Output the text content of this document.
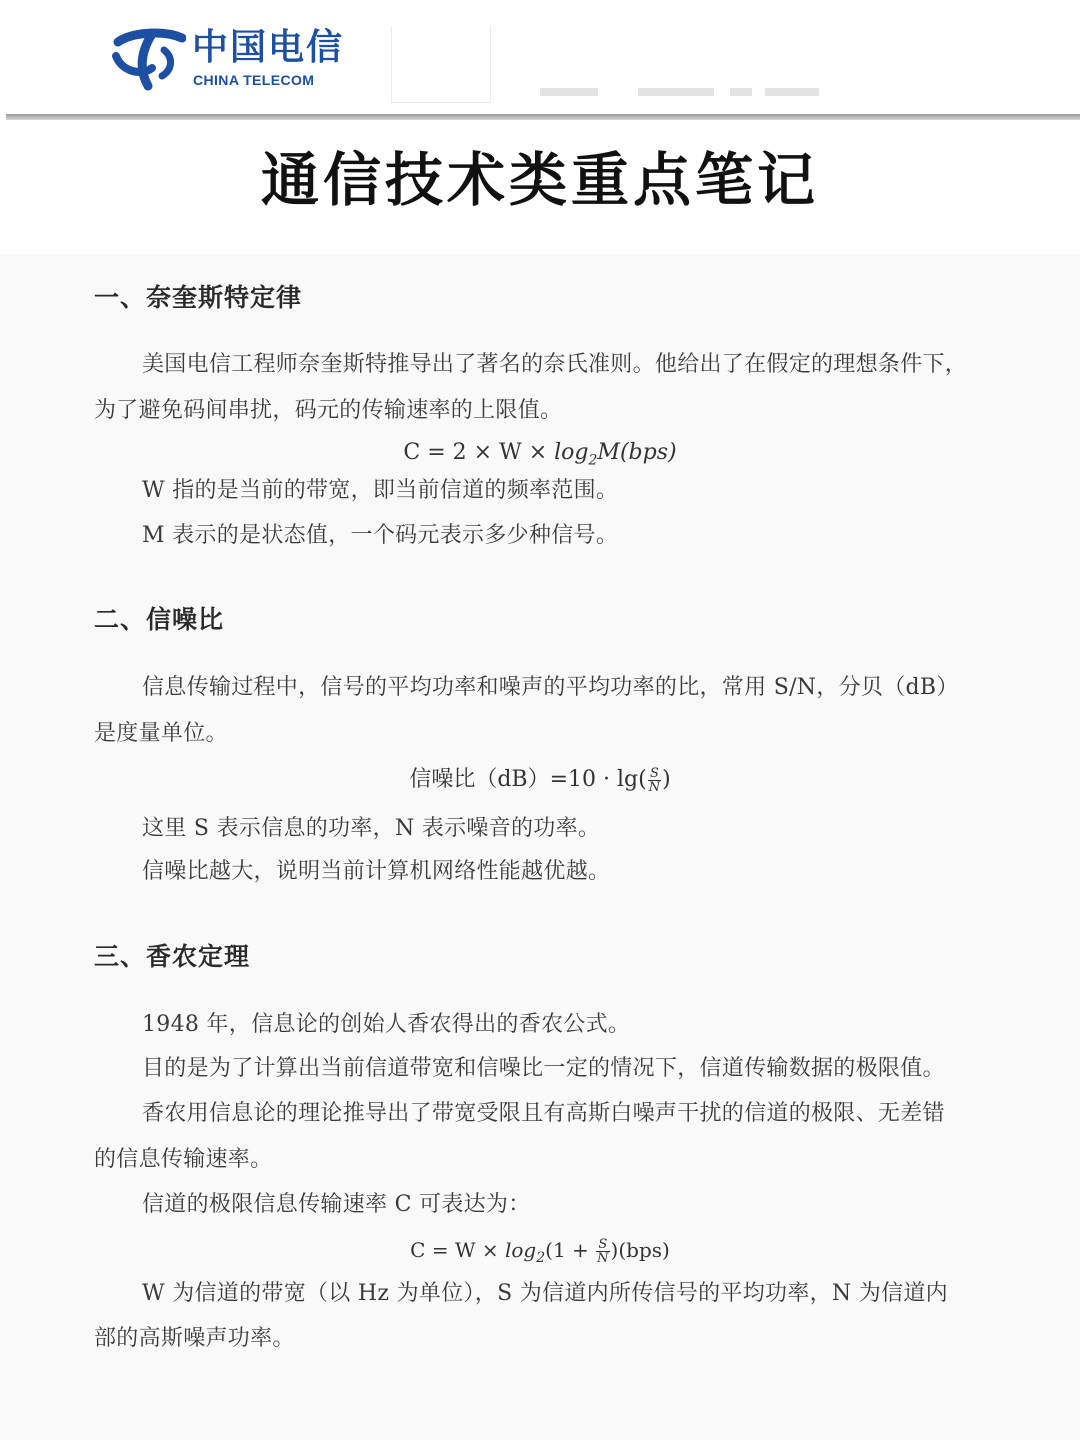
中国电信
CHINA TELECOM
通信技术类重点笔记
一、奈奎斯特定律
美国电信工程师奈奎斯特推导出了著名的奈氏准则。他给出了在假定的理想条件下，
为了避免码间串扰，码元的传输速率的上限值。
$C = 2 \times W \times \log_2M(bps)$
W 指的是当前的带宽，即当前信道的频率范围。
M 表示的是状态值，一个码元表示多少种信号。
二、信噪比
信息传输过程中，信号的平均功率和噪声的平均功率的比，常用 S/N，分贝（dB）
是度量单位。
信噪比$(dB)=10 \cdot \lg( \frac{S}{N}$ )
这里 S 表示信息的功率，N 表示噪音的功率。
信噪比越大，说明当前计算机网络性能越优越。
三、香农定理
1948 年，信息论的创始人香农得出的香农公式。
目的是为了计算出当前信道带宽和信噪比一定的情况下，信道传输数据的极限值。
香农用信息论的理论推导出了带宽受限且有高斯白噪声干扰的信道的极限、无差错
的信息传输速率。
信道的极限信息传输速率 C 可表达为：
$C = W \times \log_2(1 + \frac{S}{N} )(bps)$
W 为信道的带宽（以 Hz 为单位），S 为信道内所传信号的平均功率，N 为信道内
部的高斯噪声功率。
